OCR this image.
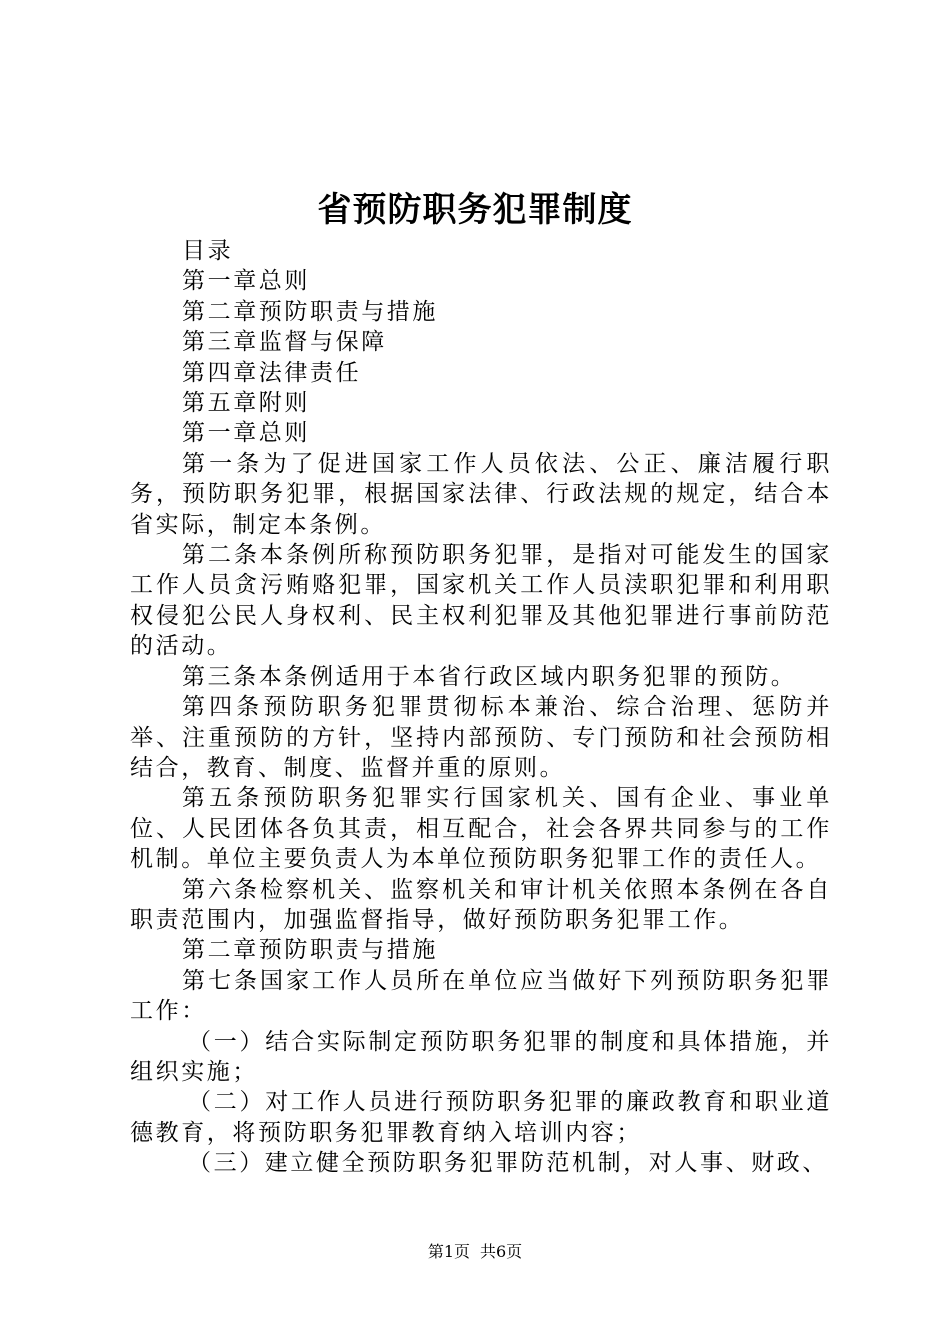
省预防职务犯罪制度

目录

第一章总则

第二章预防职责与措施

第三章监督与保障

第四章法律责任

第五章附则

第一章总则

第一条为了促进国家工作人员依法、公正、廉洁履行职务，预防职务犯罪，根据国家法律、行政法规的规定，结合本省实际，制定本条例。

第二条本条例所称预防职务犯罪，是指对可能发生的国家工作人员贪污贿赂犯罪，国家机关工作人员渎职犯罪和利用职权侵犯公民人身权利、民主权利犯罪及其他犯罪进行事前防范的活动。

第三条本条例适用于本省行政区域内职务犯罪的预防。

第四条预防职务犯罪贯彻标本兼治、综合治理、惩防并举、注重预防的方针，坚持内部预防、专门预防和社会预防相结合，教育、制度、监督并重的原则。

第五条预防职务犯罪实行国家机关、国有企业、事业单位、人民团体各负其责，相互配合，社会各界共同参与的工作机制。单位主要负责人为本单位预防职务犯罪工作的责任人。

第六条检察机关、监察机关和审计机关依照本条例在各自职责范围内，加强监督指导，做好预防职务犯罪工作。

第二章预防职责与措施

第七条国家工作人员所在单位应当做好下列预防职务犯罪工作：

（一）结合实际制定预防职务犯罪的制度和具体措施，并组织实施；

（二）对工作人员进行预防职务犯罪的廉政教育和职业道德教育，将预防职务犯罪教育纳入培训内容；

（三）建立健全预防职务犯罪防范机制，对人事、财政、

第1页 共6页
